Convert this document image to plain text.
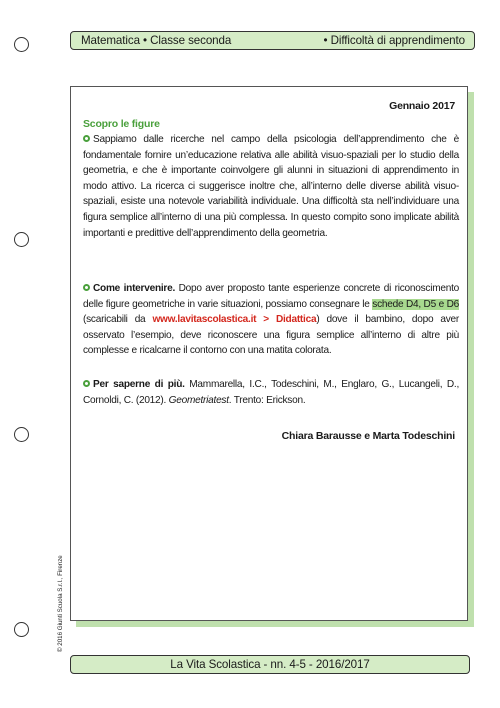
Matematica • Classe seconda	• Difficoltà di apprendimento
Gennaio 2017
Scopro le figure
Sappiamo dalle ricerche nel campo della psicologia dell’apprendimento che è fondamentale fornire un’educazione relativa alle abilità visuo-spaziali per lo studio della geometria, e che è importante coinvolgere gli alunni in situazioni di apprendimento in modo attivo. La ricerca ci suggerisce inoltre che, all’interno delle diverse abilità visuo-spaziali, esiste una notevole variabilità individuale. Una difficoltà sta nell’individuare una figura semplice all’interno di una più complessa. In questo compito sono implicate abilità importanti e predittive dell’apprendimento della geometria.
Come intervenire. Dopo aver proposto tante esperienze concrete di riconoscimento delle figure geometriche in varie situazioni, possiamo consegnare le schede D4, D5 e D6 (scaricabili da www.lavitascolastica.it > Didattica) dove il bambino, dopo aver osservato l’esempio, deve riconoscere una figura semplice all’interno di altre più complesse e ricalcarne il contorno con una matita colorata.
Per saperne di più. Mammarella, I.C., Todeschini, M., Englaro, G., Lucangeli, D., Cornoldi, C. (2012). Geometriatest. Trento: Erickson.
Chiara Barausse e Marta Todeschini
© 2016 Giunti Scuola S.r.l., Firenze
La Vita Scolastica - nn. 4-5 - 2016/2017
